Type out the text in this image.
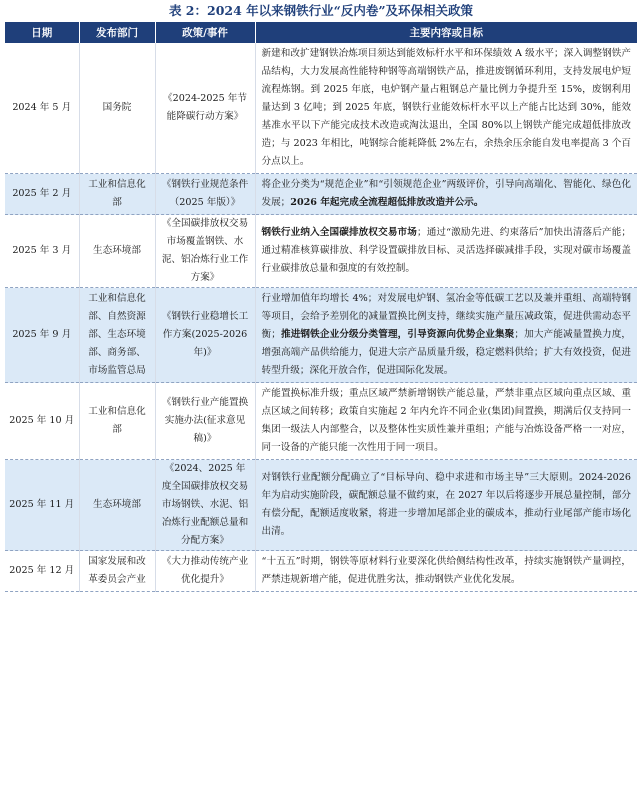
表 2：2024 年以来钢铁行业“反内卷”及环保相关政策
日期	发布部门	政策/事件	主要内容或目标
2024 年 5 月	国务院	《2024-2025 年节能降碳行动方案》	新建和改扩建钢铁冶炼项目须达到能效标杆水平和环保绩效 A 级水平；深入调整钢铁产品结构，大力发展高性能特种钢等高端钢铁产品，推进废钢循环利用，支持发展电炉短流程炼钢。到 2025 年底，电炉钢产量占粗钢总产量比例力争提升至 15%，废钢利用量达到 3 亿吨；到 2025 年底，钢铁行业能效标杆水平以上产能占比达到 30%，能效基准水平以下产能完成技术改造或淘汰退出，全国 80%以上钢铁产能完成超低排放改造；与 2023 年相比，吨钢综合能耗降低 2%左右，余热余压余能自发电率提高 3 个百分点以上。
2025 年 2 月	工业和信息化部	《钢铁行业规范条件（2025 年版）》	将企业分类为“规范企业”和“引领规范企业”两级评价，引导向高端化、智能化、绿色化发展；2026 年起完成全流程超低排放改造并公示。
2025 年 3 月	生态环境部	《全国碳排放权交易市场覆盖钢铁、水泥、铝冶炼行业工作方案》	钢铁行业纳入全国碳排放权交易市场；通过“激励先进、约束落后”加快出清落后产能；通过精准核算碳排放、科学设置碳排放目标、灵活选择碳减排手段，实现对碳市场覆盖行业碳排放总量和强度的有效控制。
2025 年 9 月	工业和信息化部、自然资源部、生态环境部、商务部、市场监管总局	《钢铁行业稳增长工作方案(2025-2026 年)》	行业增加值年均增长 4%；对发展电炉钢、氢冶金等低碳工艺以及兼并重组、高端特钢等项目，会给予差别化的减量置换比例支持，继续实施产量压减政策，促进供需动态平衡；推进钢铁企业分级分类管理，引导资源向优势企业集聚；加大产能减量置换力度，增强高端产品供给能力，促进大宗产品质量升级，稳定燃料供给；扩大有效投资，促进转型升级；深化开放合作，促进国际化发展。
2025 年 10 月	工业和信息化部	《钢铁行业产能置换实施办法(征求意见稿)》	产能置换标准升级；重点区域严禁新增钢铁产能总量，严禁非重点区域向重点区域、重点区域之间转移；政策自实施起 2 年内允许不同企业(集团)间置换，期满后仅支持同一集团一级法人内部整合，以及整体性实质性兼并重组；产能与冶炼设备严格一一对应，同一设备的产能只能一次性用于同一项目。
2025 年 11 月	生态环境部	《2024、2025 年度全国碳排放权交易市场钢铁、水泥、铝冶炼行业配额总量和分配方案》	对钢铁行业配额分配确立了“目标导向、稳中求进和市场主导”三大原则。2024-2026 年为启动实施阶段，碳配额总量不做约束，在 2027 年以后将逐步开展总量控制，部分有偿分配，配额适度收紧，将进一步增加尾部企业的碳成本，推动行业尾部产能市场化出清。
2025 年 12 月	国家发展和改革委员会产业	《大力推动传统产业优化提升》	“十五五”时期，钢铁等原材料行业要深化供给侧结构性改革，持续实施钢铁产量调控，严禁违规新增产能，促进优胜劣汰，推动钢铁产业优化发展。
